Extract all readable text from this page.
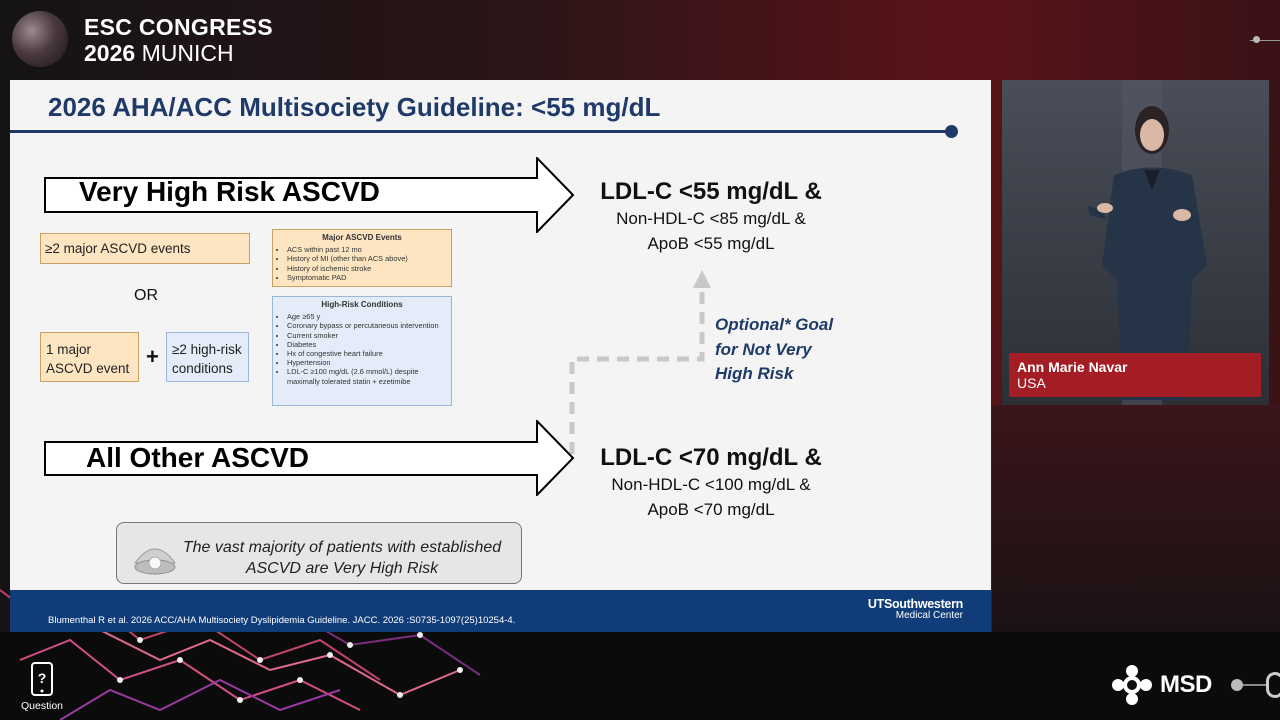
ESC CONGRESS
2026 MUNICH
2026 AHA/ACC Multisociety Guideline: <55 mg/dL
Very High Risk ASCVD
≥2 major ASCVD events
OR
1 major
ASCVD event + ≥2 high-risk
conditions
Major ASCVD Events
• ACS within past 12 mo
• History of MI (other than ACS above)
• History of ischemic stroke
• Symptomatic PAD
High-Risk Conditions
• Age ≥65 y
• Coronary bypass or percutaneous intervention
• Current smoker
• Diabetes
• Hx of congestive heart failure
• Hypertension
• LDL-C ≥100 mg/dL (2.6 mmol/L) despite maximally tolerated statin + ezetimibe
LDL-C <55 mg/dL &
Non-HDL-C <85 mg/dL &
ApoB <55 mg/dL
Optional* Goal
for Not Very
High Risk
All Other ASCVD	LDL-C <70 mg/dL &
Non-HDL-C <100 mg/dL &
ApoB <70 mg/dL
The vast majority of patients with established
ASCVD are Very High Risk
Blumenthal R et al. 2026 ACC/AHA Multisociety Dyslipidemia Guideline. JACC. 2026 :S0735-1097(25)10254-4.
UTSouthwestern
Medical Center
Ann Marie Navar
USA
?
Question
MSD
